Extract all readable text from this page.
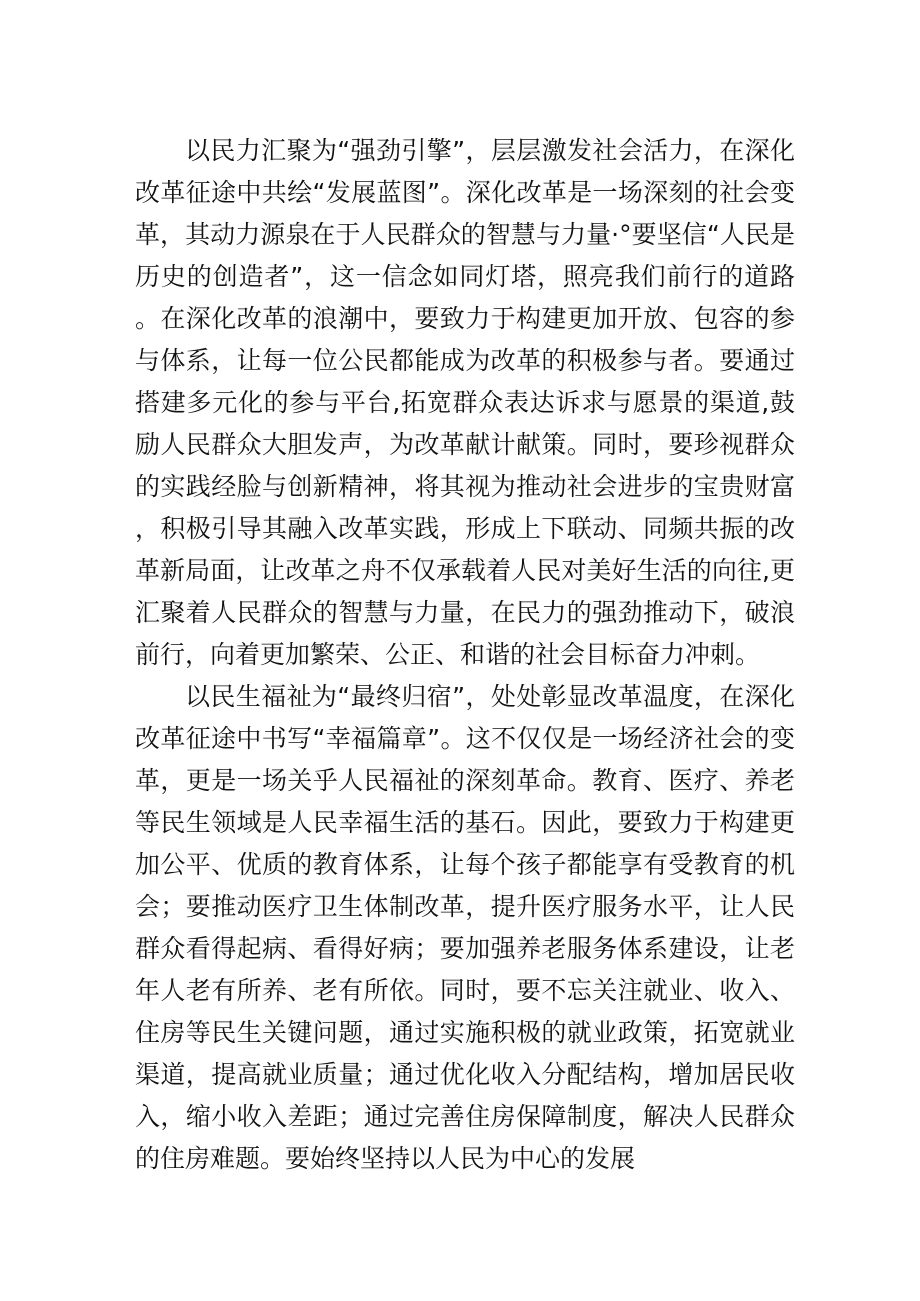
以民力汇聚为“强劲引擎”，层层激发社会活力，在深化改革征途中共绘“发展蓝图”。深化改革是一场深刻的社会变革，其动力源泉在于人民群众的智慧与力量·°要坚信“人民是历史的创造者”，这一信念如同灯塔，照亮我们前行的道路。在深化改革的浪潮中，要致力于构建更加开放、包容的参与体系，让每一位公民都能成为改革的积极参与者。要通过搭建多元化的参与平台,拓宽群众表达诉求与愿景的渠道,鼓励人民群众大胆发声，为改革献计献策。同时，要珍视群众的实践经脸与创新精神，将其视为推动社会进步的宝贵财富，积极引导其融入改革实践，形成上下联动、同频共振的改革新局面，让改革之舟不仅承载着人民对美好生活的向往,更汇聚着人民群众的智慧与力量，在民力的强劲推动下，破浪前行，向着更加繁荣、公正、和谐的社会目标奋力冲刺。

以民生福祉为“最终归宿”，处处彰显改革温度，在深化改革征途中书写“幸福篇章”。这不仅仅是一场经济社会的变革，更是一场关乎人民福祉的深刻革命。教育、医疗、养老等民生领域是人民幸福生活的基石。因此，要致力于构建更加公平、优质的教育体系，让每个孩子都能享有受教育的机会；要推动医疗卫生体制改革，提升医疗服务水平，让人民群众看得起病、看得好病；要加强养老服务体系建设，让老年人老有所养、老有所依。同时，要不忘关注就业、收入、住房等民生关键问题，通过实施积极的就业政策，拓宽就业渠道，提高就业质量；通过优化收入分配结构，增加居民收入，缩小收入差距；通过完善住房保障制度，解决人民群众的住房难题。要始终坚持以人民为中心的发展
